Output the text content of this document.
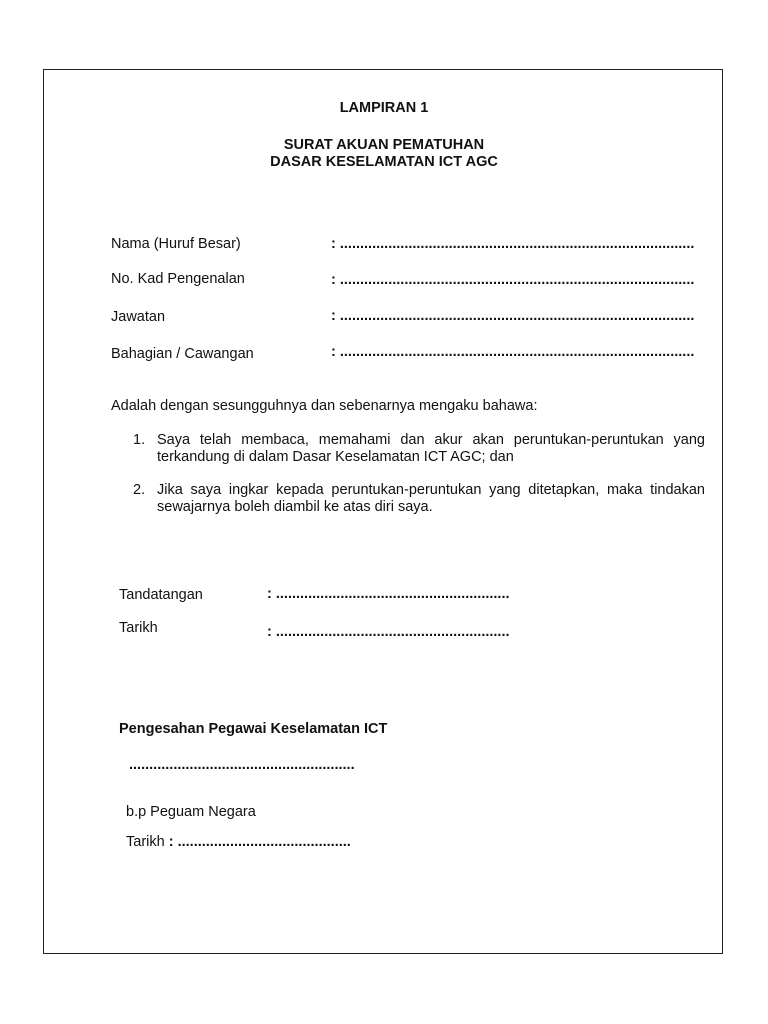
LAMPIRAN 1
SURAT AKUAN PEMATUHAN
DASAR KESELAMATAN ICT AGC
Nama (Huruf Besar)	: ........................................................................................
No. Kad Pengenalan	: ........................................................................................
Jawatan	: ........................................................................................
Bahagian / Cawangan	: ........................................................................................
Adalah dengan sesungguhnya dan sebenarnya mengaku bahawa:
1. Saya telah membaca, memahami dan akur akan peruntukan-peruntukan yang terkandung di dalam Dasar Keselamatan ICT AGC; dan
2. Jika saya ingkar kepada peruntukan-peruntukan yang ditetapkan, maka tindakan sewajarnya boleh diambil ke atas diri saya.
Tandatangan	: ..........................................................
Tarikh	: ..........................................................
Pengesahan Pegawai Keselamatan ICT
........................................................
b.p Peguam Negara
Tarikh : ...........................................
